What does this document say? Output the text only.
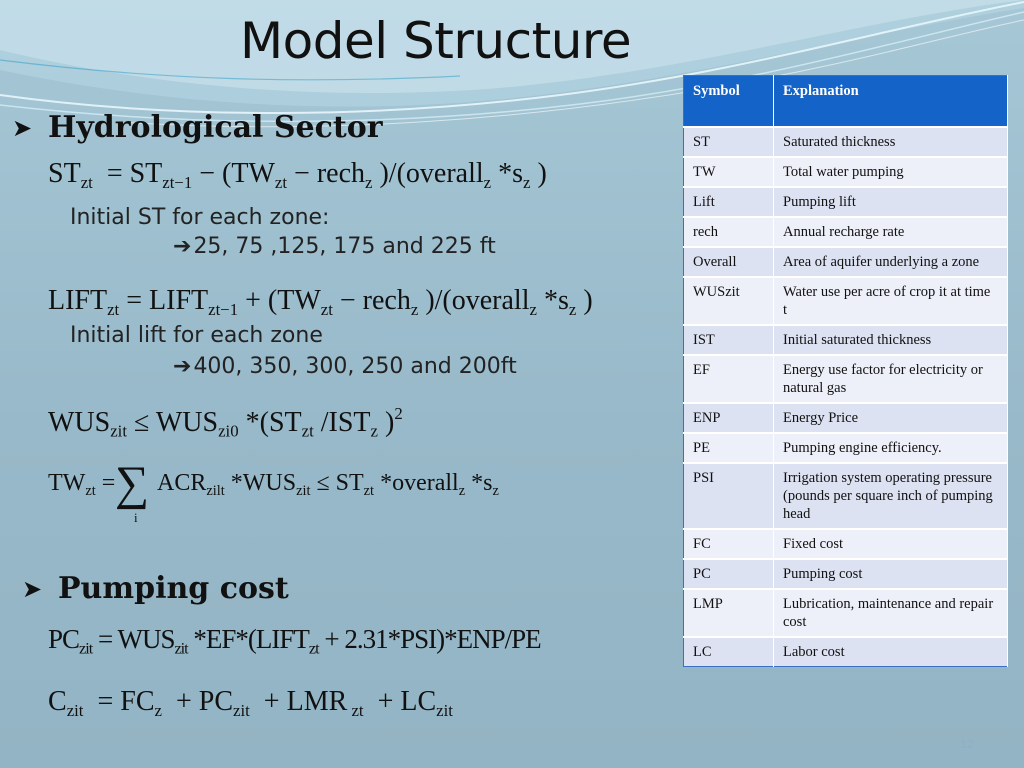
Model Structure
➤ Hydrological Sector
$ST_{zt} = ST_{zt-1} - (TW_{zt}$ − rech$_z$ )/(overall$_z$ $*s_z$ )
Initial ST for each zone:
➔25, 75 ,125, 175 and 225 ft
$LIFT_{zt}$ = $LIFT_{zt-1} + (TW_{zt}$ − rech$_z$ )/(overall$_z$ $*s_z$ )
Initial lift for each zone
➔400, 350, 300, 250 and 200ft
$WUS_{zit} \le WUS_{zi0}$ $*(ST_{zt}$ $/IST_z$ )$^2$
$TW_{zt}$ = ∑
i
$ACR_{zilt}$ $*WUS_{zit} \le ST_{zt}$ *overall$_z$ $*s_z$
➤ Pumping cost
$PC_{zit} = WUS_{zit}$ $*EF*(LIFT_{zt} + 2.31*PSI)*ENP/PE$
$C_{zit} = FC_z + PC_{zit}$  + LMR $_{zt} + LC_{zit}$
Symbol	Explanation
ST	Saturated thickness
TW	Total water pumping
Lift	Pumping lift
rech	Annual recharge rate
Overall	Area of aquifer underlying a zone
WUSzit	Water use per acre of crop it at time t
IST	Initial saturated thickness
EF	Energy use factor for electricity or natural gas
ENP	Energy Price
PE	Pumping engine efficiency.
PSI	Irrigation system operating pressure (pounds per square inch of pumping head
FC	Fixed cost
PC	Pumping cost
LMP	Lubrication, maintenance and repair cost
LC	Labor cost
12
